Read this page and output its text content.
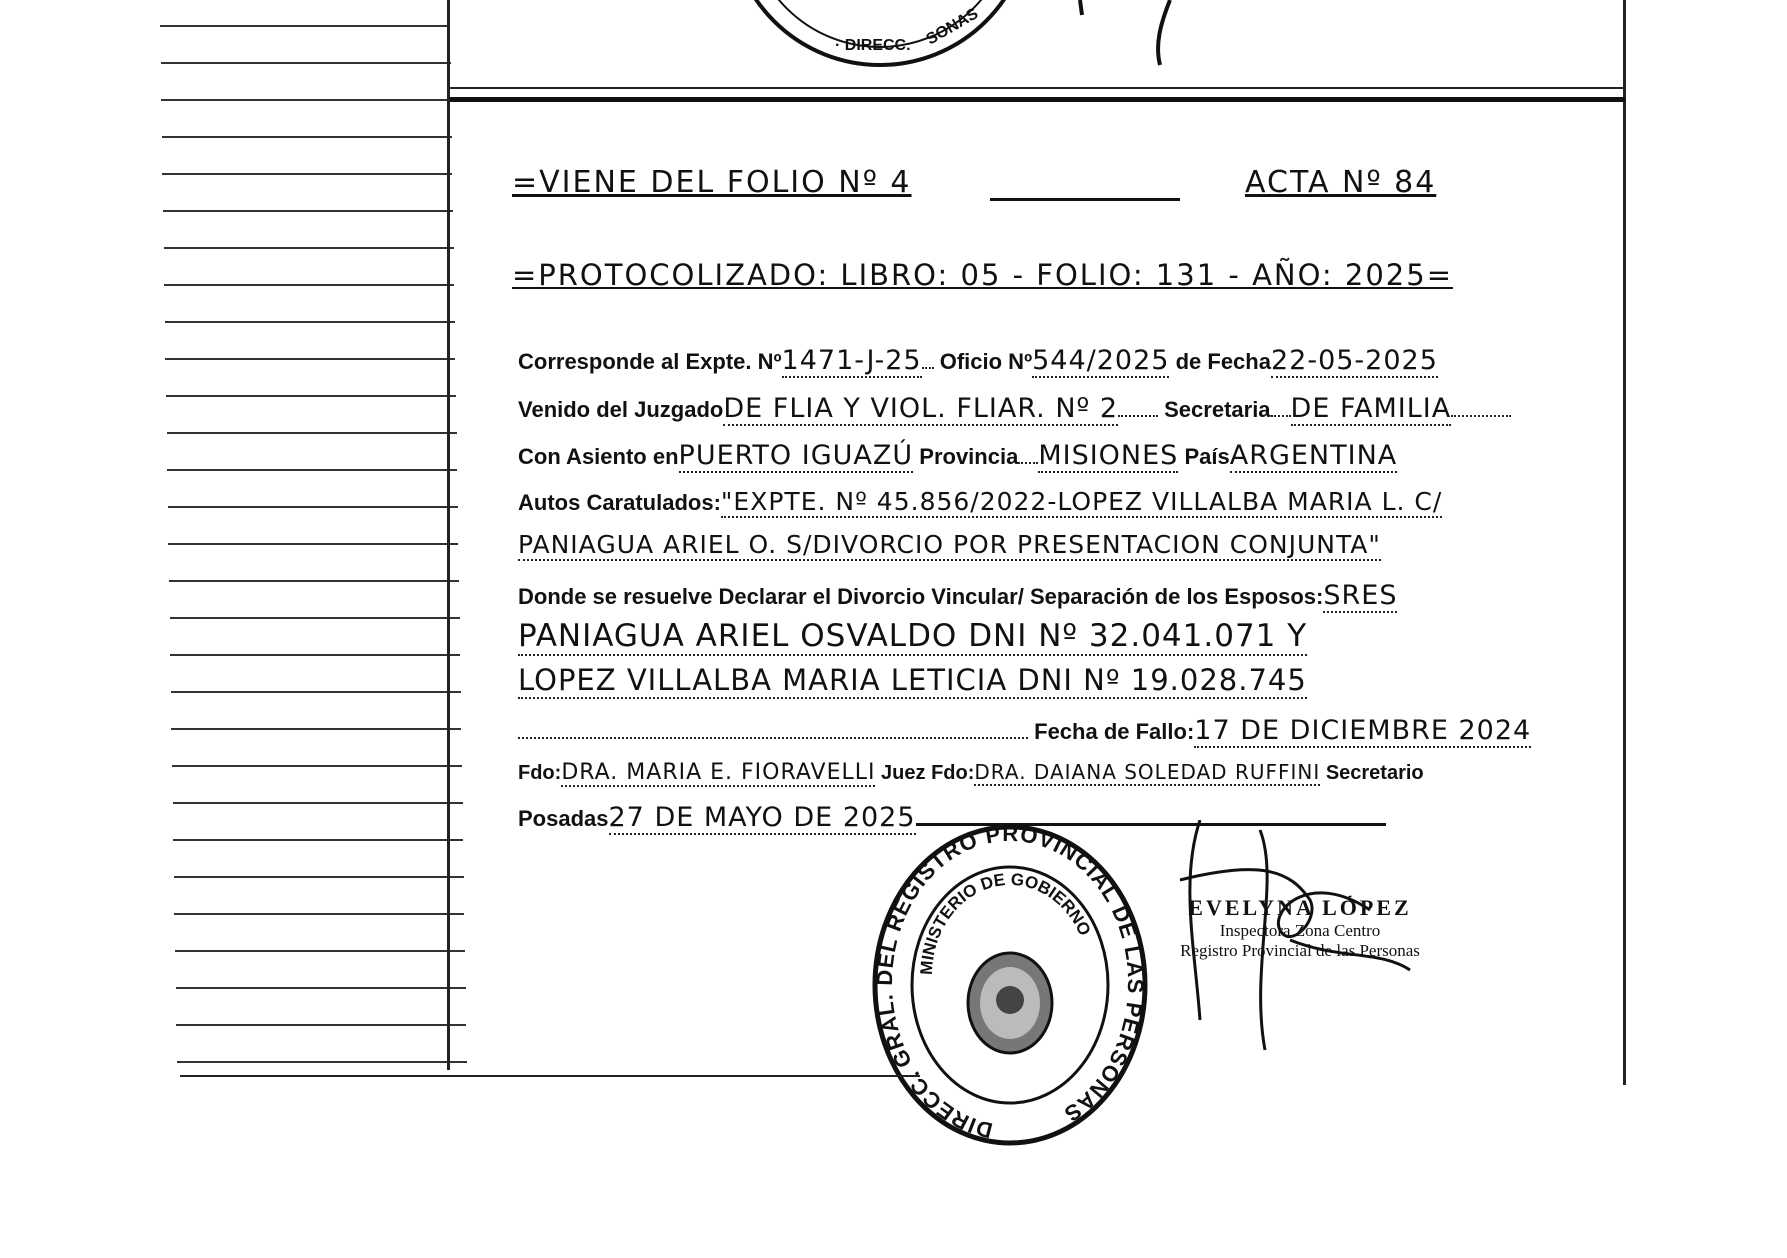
· DIRECC. SONAS
=VIENE DEL FOLIO Nº 4	ACTA Nº 84
=PROTOCOLIZADO: LIBRO: 05 - FOLIO: 131 - AÑO: 2025=
Corresponde al Expte. Nº1471-J-25 Oficio Nº544/2025 de Fecha22-05-2025
Venido del JuzgadoDE FLIA Y VIOL. FLIAR. Nº 2 Secretaria DE FAMILIA
Con Asiento enPUERTO IGUAZÚ Provincia MISIONES PaísARGENTINA
Autos Caratulados:"EXPTE. Nº 45.856/2022-LOPEZ VILLALBA MARIA L. C/
PANIAGUA ARIEL O. S/DIVORCIO POR PRESENTACION CONJUNTA"
Donde se resuelve Declarar el Divorcio Vincular/ Separación de los Esposos:SRES
PANIAGUA ARIEL OSVALDO DNI Nº 32.041.071 Y
LOPEZ VILLALBA MARIA LETICIA DNI Nº 19.028.745
Fecha de Fallo:17 DE DICIEMBRE 2024
Fdo:DRA. MARIA E. FIORAVELLI Juez Fdo:DRA. DAIANA SOLEDAD RUFFINI Secretario
Posadas27 DE MAYO DE 2025
DIRECC. GRAL. DEL REGISTRO PROVINCIAL DE LAS PERSONAS
MINISTERIO DE GOBIERNO
EVELYNA LÓPEZ
Inspectora Zona Centro
Registro Provincial de las Personas
